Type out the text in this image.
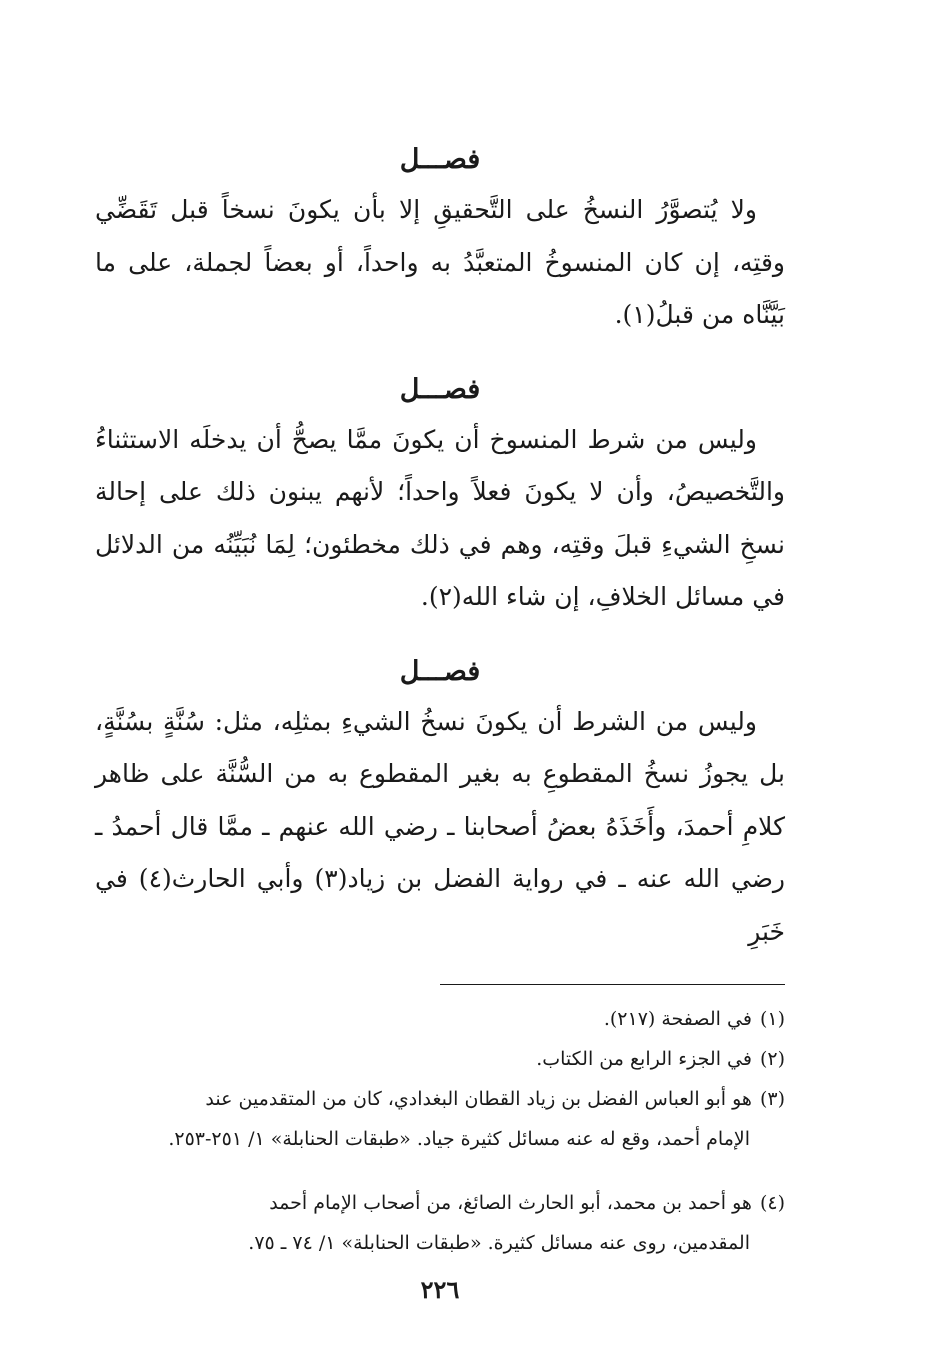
فصـــل

ولا يُتصوَّرُ النسخُ على التَّحقيقِ إلا بأن يكونَ نسخاً قبل تَقَضِّي وقتِه، إن كان المنسوخُ المتعبَّدُ به واحداً، أو بعضاً لجملة، على ما بَيَّنَّاه من قبلُ(١).

فصـــل

وليس من شرط المنسوخ أن يكونَ ممَّا يصحُّ أن يدخلَه الاستثناءُ والتَّخصيصُ، وأن لا يكونَ فعلاً واحداً؛ لأنهم يبنون ذلك على إحالة نسخِ الشيءِ قبلَ وقتِه، وهم في ذلك مخطئون؛ لِمَا نُبَيِّنُه من الدلائل في مسائل الخلافِ، إن شاء الله(٢).

فصـــل

وليس من الشرط أن يكونَ نسخُ الشيءِ بمثلِه، مثل: سُنَّةٍ بسُنَّةٍ، بل يجوزُ نسخُ المقطوعِ به بغير المقطوع به من السُّنَّة على ظاهر كلامِ أحمدَ، وأَخَذَهُ بعضُ أصحابنا ـ رضي الله عنهم ـ ممَّا قال أحمدُ ـ رضي الله عنه ـ في رواية الفضل بن زياد(٣) وأبي الحارث(٤) في خَبَرِ

(١)في الصفحة (٢١٧).

(٢)في الجزء الرابع من الكتاب.

(٣)هو أبو العباس الفضل بن زياد القطان البغدادي، كان من المتقدمين عند

الإمام أحمد، وقع له عنه مسائل كثيرة جياد. «طبقات الحنابلة» ١/ ٢٥١-٢٥٣.

(٤)هو أحمد بن محمد، أبو الحارث الصائغ، من أصحاب الإمام أحمد

المقدمين، روى عنه مسائل كثيرة. «طبقات الحنابلة» ١/ ٧٤ ـ ٧٥.

٢٢٦
